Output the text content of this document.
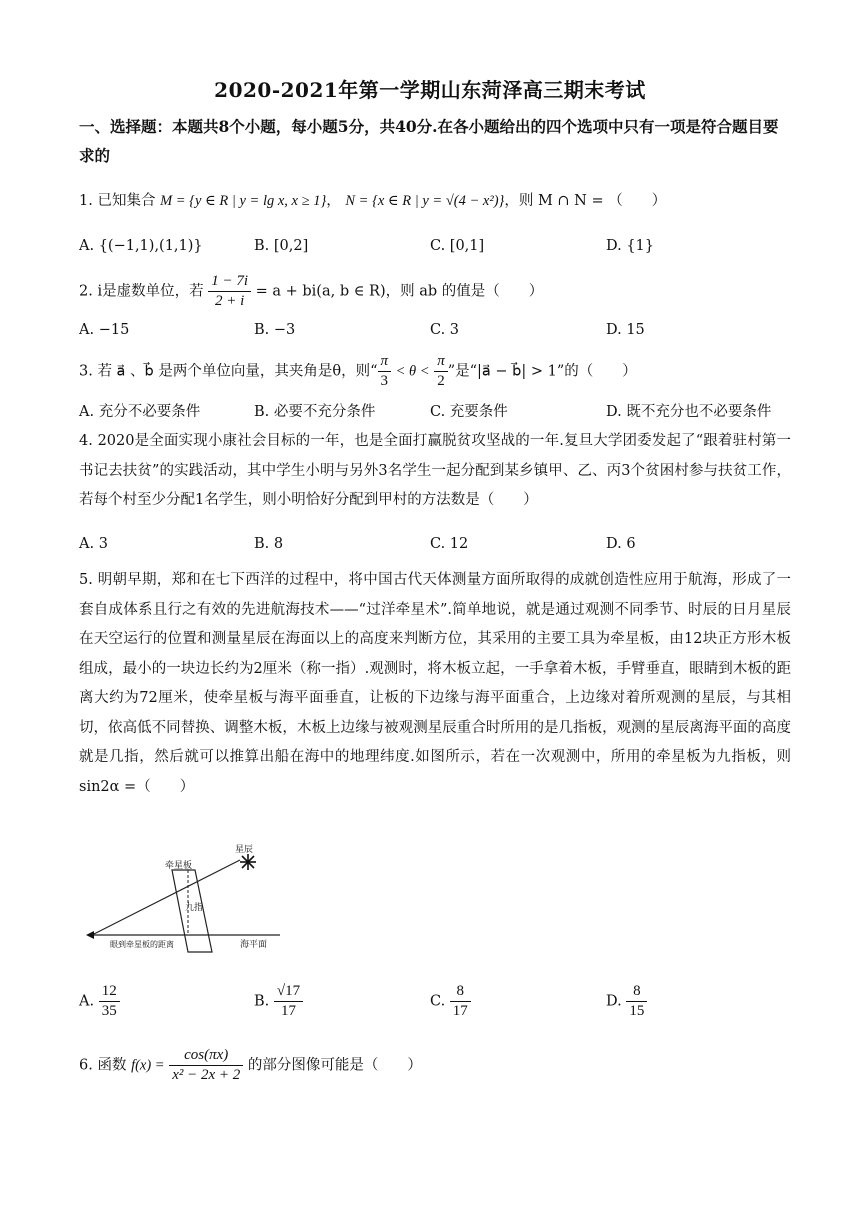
2020-2021年第一学期山东菏泽高三期末考试
一、选择题：本题共8个小题，每小题5分，共40分.在各小题给出的四个选项中只有一项是符合题目要求的
1. 已知集合 M = {y ∈ R | y = lg x, x ≥ 1}， N = {x ∈ R | y = √(4 − x²)}，则 M ∩ N = （　　）
A. {(−1,1),(1,1)}	B. [0,2]	C. [0,1]	D. {1}
2. i是虚数单位，若 $\frac{1 - 7i}{2 + i} = a + bi(a$, b ∈ R)，则 ab 的值是（　　）
A. −15	B. −3	C. 3	D. 15
3. 若 a⃗ 、b⃗ 是两个单位向量，其夹角是θ，则“ $\frac{\pi}{3} < \theta < \frac{\pi}{2}$ ”是“|a⃗ − b⃗| > 1”的（　　）
A. 充分不必要条件	B. 必要不充分条件	C. 充要条件	D. 既不充分也不必要条件
4. 2020是全面实现小康社会目标的一年，也是全面打赢脱贫攻坚战的一年.复旦大学团委发起了“跟着驻村第一书记去扶贫”的实践活动，其中学生小明与另外3名学生一起分配到某乡镇甲、乙、丙3个贫困村参与扶贫工作，若每个村至少分配1名学生，则小明恰好分配到甲村的方法数是（　　）
A. 3	B. 8	C. 12	D. 6
5. 明朝早期，郑和在七下西洋的过程中，将中国古代天体测量方面所取得的成就创造性应用于航海，形成了一套自成体系且行之有效的先进航海技术——“过洋牵星术”.简单地说，就是通过观测不同季节、时辰的日月星辰在天空运行的位置和测量星辰在海面以上的高度来判断方位，其采用的主要工具为牵星板，由12块正方形木板组成，最小的一块边长约为2厘米（称一指）.观测时，将木板立起，一手拿着木板，手臂垂直，眼睛到木板的距离大约为72厘米，使牵星板与海平面垂直，让板的下边缘与海平面重合，上边缘对着所观测的星辰，与其相切，依高低不同替换、调整木板，木板上边缘与被观测星辰重合时所用的是几指板，观测的星辰离海平面的高度就是几指，然后就可以推算出船在海中的地理纬度.如图所示，若在一次观测中，所用的牵星板为九指板，则 sin2α =（　　）
星辰
牵星板
九指
眼到牵星板的距离	海平面
A. $\frac{12}{35}$	B. $\frac{√17}{17}$	C. $\frac{8}{17}$	D. $\frac{8}{15}$
6. 函数 $f(x) = \frac{\cos(\pi x)}{\text{x² − 2x + 2}}$ 的部分图像可能是（　　）
